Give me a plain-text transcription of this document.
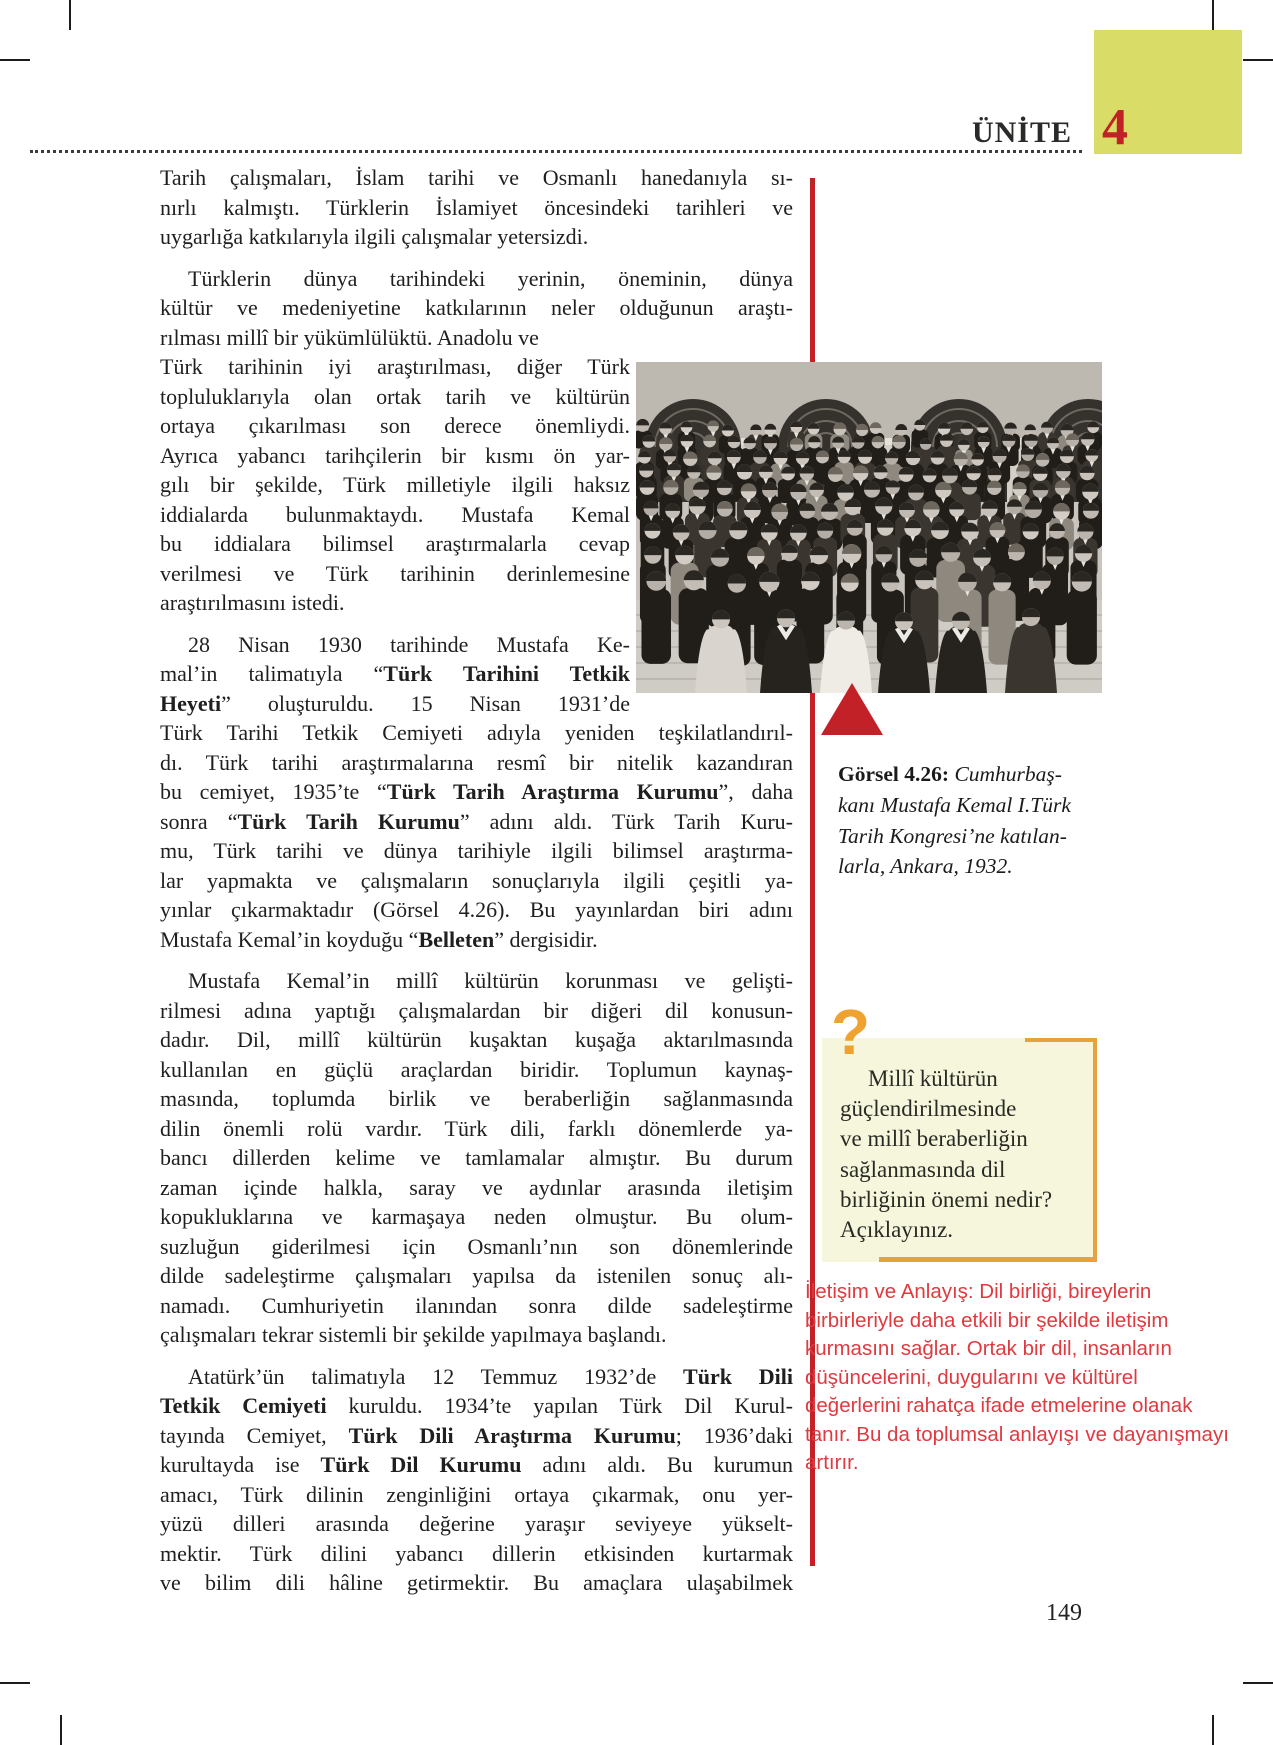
ÜNİTE 4
Tarih çalışmaları, İslam tarihi ve Osmanlı hanedanıyla sı-
nırlı kalmıştı. Türklerin İslamiyet öncesindeki tarihleri ve
uygarlığa katkılarıyla ilgili çalışmalar yetersizdi.
Türklerin dünya tarihindeki yerinin, öneminin, dünya
kültür ve medeniyetine katkılarının neler olduğunun araştı-
rılması millî bir yükümlülüktü. Anadolu ve
Türk tarihinin iyi araştırılması, diğer Türk
topluluklarıyla olan ortak tarih ve kültürün
ortaya çıkarılması son derece önemliydi.
Ayrıca yabancı tarihçilerin bir kısmı ön yar-
gılı bir şekilde, Türk milletiyle ilgili haksız
iddialarda bulunmaktaydı. Mustafa Kemal
bu iddialara bilimsel araştırmalarla cevap
verilmesi ve Türk tarihinin derinlemesine
araştırılmasını istedi.
28 Nisan 1930 tarihinde Mustafa Ke-
mal’in talimatıyla “Türk Tarihini Tetkik
Heyeti” oluşturuldu. 15 Nisan 1931’de
Türk Tarihi Tetkik Cemiyeti adıyla yeniden teşkilatlandırıl-
dı. Türk tarihi araştırmalarına resmî bir nitelik kazandıran
bu cemiyet, 1935’te “Türk Tarih Araştırma Kurumu”, daha
sonra “Türk Tarih Kurumu” adını aldı. Türk Tarih Kuru-
mu, Türk tarihi ve dünya tarihiyle ilgili bilimsel araştırma-
lar yapmakta ve çalışmaların sonuçlarıyla ilgili çeşitli ya-
yınlar çıkarmaktadır (Görsel 4.26). Bu yayınlardan biri adını
Mustafa Kemal’in koyduğu “Belleten” dergisidir.
Mustafa Kemal’in millî kültürün korunması ve gelişti-
rilmesi adına yaptığı çalışmalardan bir diğeri dil konusun-
dadır. Dil, millî kültürün kuşaktan kuşağa aktarılmasında
kullanılan en güçlü araçlardan biridir. Toplumun kaynaş-
masında, toplumda birlik ve beraberliğin sağlanmasında
dilin önemli rolü vardır. Türk dili, farklı dönemlerde ya-
bancı dillerden kelime ve tamlamalar almıştır. Bu durum
zaman içinde halkla, saray ve aydınlar arasında iletişim
kopukluklarına ve karmaşaya neden olmuştur. Bu olum-
suzluğun giderilmesi için Osmanlı’nın son dönemlerinde
dilde sadeleştirme çalışmaları yapılsa da istenilen sonuç alı-
namadı. Cumhuriyetin ilanından sonra dilde sadeleştirme
çalışmaları tekrar sistemli bir şekilde yapılmaya başlandı.
Atatürk’ün talimatıyla 12 Temmuz 1932’de Türk Dili
Tetkik Cemiyeti kuruldu. 1934’te yapılan Türk Dil Kurul-
tayında Cemiyet, Türk Dili Araştırma Kurumu; 1936’daki
kurultayda ise Türk Dil Kurumu adını aldı. Bu kurumun
amacı, Türk dilinin zenginliğini ortaya çıkarmak, onu yer-
yüzü dilleri arasında değerine yaraşır seviyeye yükselt-
mektir. Türk dilini yabancı dillerin etkisinden kurtarmak
ve bilim dili hâline getirmektir. Bu amaçlara ulaşabilmek
Görsel 4.26: Cumhurbaş-
kanı Mustafa Kemal I.Türk
Tarih Kongresi’ne katılan-
larla, Ankara, 1932.
?
Millî kültürün
güçlendirilmesinde
ve millî beraberliğin
sağlanmasında dil
birliğinin önemi nedir?
Açıklayınız.
İletişim ve Anlayış: Dil birliği, bireylerin
birbirleriyle daha etkili bir şekilde iletişim
kurmasını sağlar. Ortak bir dil, insanların
düşüncelerini, duygularını ve kültürel
değerlerini rahatça ifade etmelerine olanak
tanır. Bu da toplumsal anlayışı ve dayanışmayı
artırır.
149
